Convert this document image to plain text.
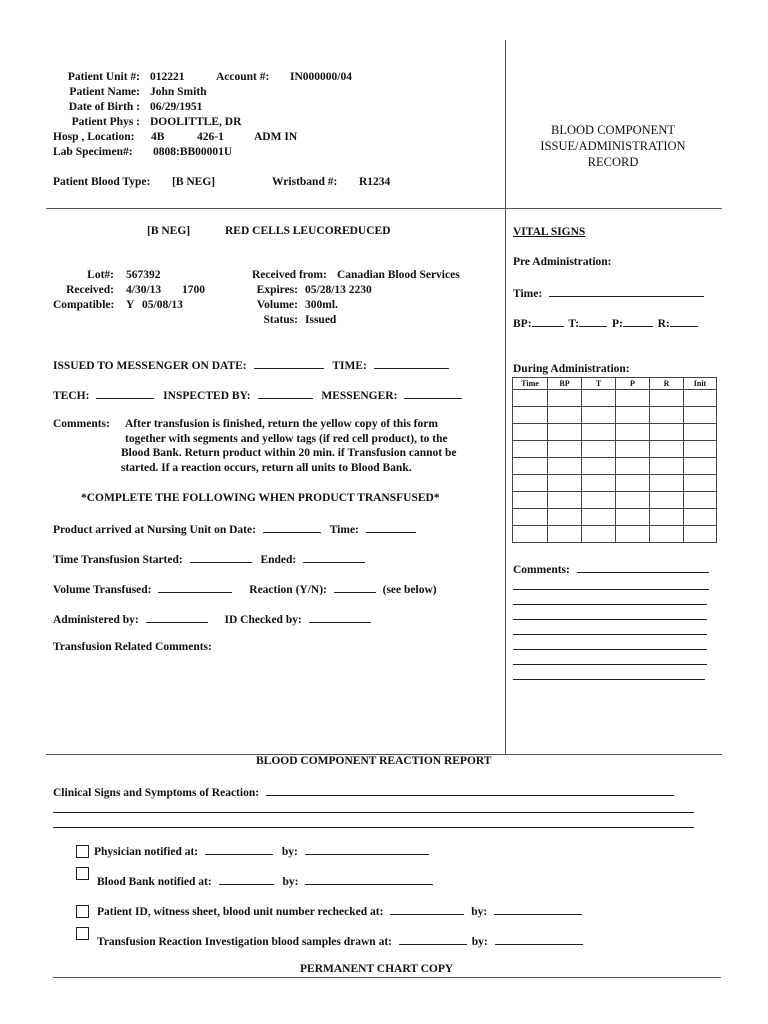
Patient Unit #: 012221	Account #: IN000000/04
Patient Name: John Smith
Date of Birth : 06/29/1951
Patient Phys : DOOLITTLE, DR
Hosp , Location: 4B	426-1	ADM IN
Lab Specimen#: 0808:BB00001U
Patient Blood Type: [B NEG]	Wristband #: R1234
BLOOD COMPONENT
ISSUE/ADMINISTRATION
RECORD
[B NEG]	RED CELLS LEUCOREDUCED
Lot#: 567392
Received: 4/30/13 1700
Compatible: Y 05/08/13
Received from: Canadian Blood Services
Expires: 05/28/13 2230
Volume: 300ml.
Status: Issued
ISSUED TO MESSENGER ON DATE:	TIME:
TECH:	INSPECTED BY:	MESSENGER:
Comments: After transfusion is finished, return the yellow copy of this form
together with segments and yellow tags (if red cell product), to the
Blood Bank. Return product within 20 min. if Transfusion cannot be
started. If a reaction occurs, return all units to Blood Bank.
*COMPLETE THE FOLLOWING WHEN PRODUCT TRANSFUSED*
Product arrived at Nursing Unit on Date:	Time:
Time Transfusion Started:	Ended:
Volume Transfused:	Reaction (Y/N):	(see below)
Administered by:	ID Checked by:
Transfusion Related Comments:
VITAL SIGNS
Pre Administration:
Time:
BP:	T:	P:	R:
During Administration:
Time	BP	T	P	R	Init

Comments:
BLOOD COMPONENT REACTION REPORT
Clinical Signs and Symptoms of Reaction:
Physician notified at:	by:
Blood Bank notified at:	by:
Patient ID, witness sheet, blood unit number rechecked at:	by:
Transfusion Reaction Investigation blood samples drawn at:	by:
PERMANENT CHART COPY
